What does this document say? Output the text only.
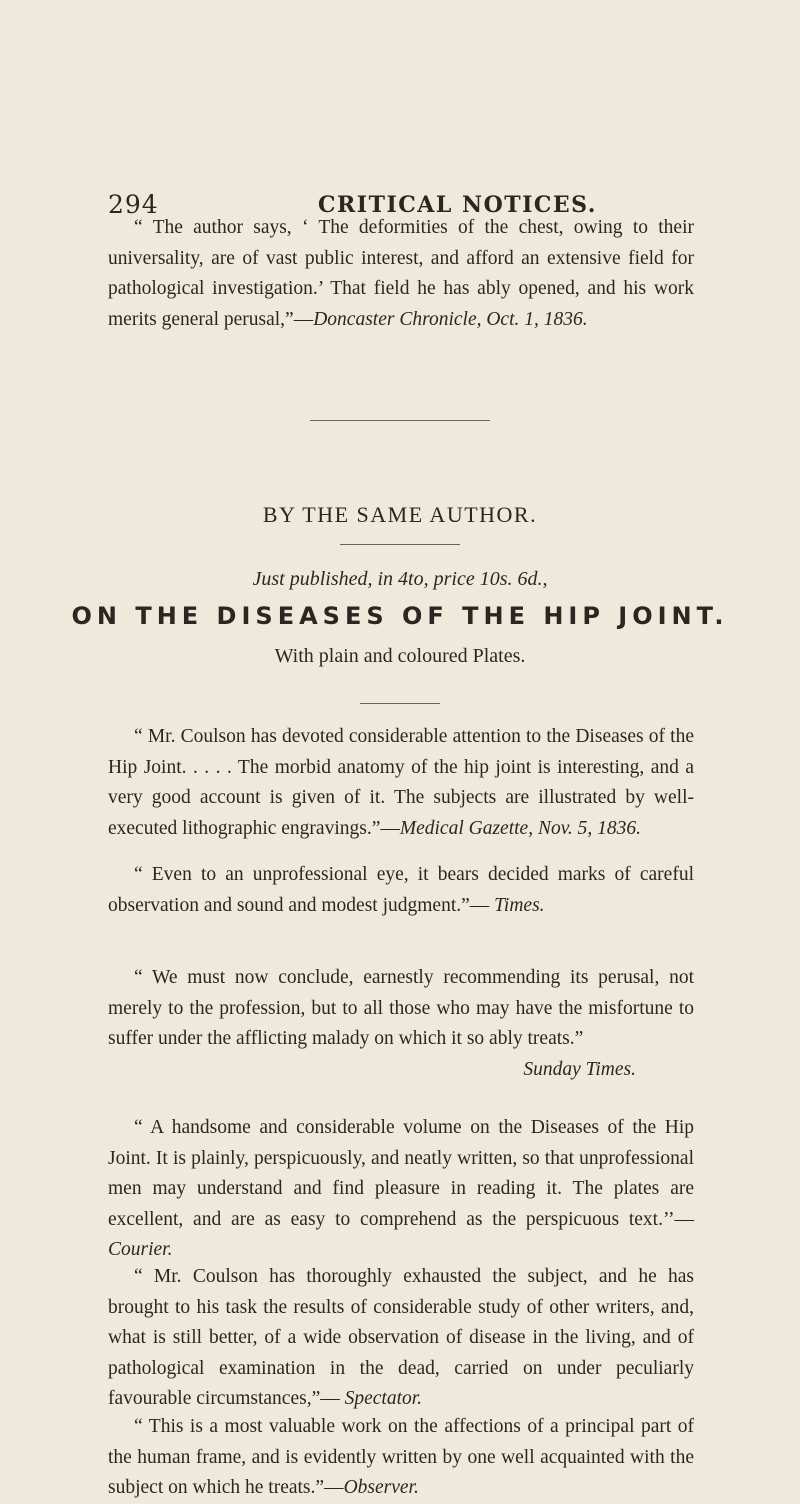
294	CRITICAL NOTICES.

“ The author says, ‘ The deformities of the chest, owing to their universality, are of vast public interest, and afford an extensive field for pathological investigation.’ That field he has ably opened, and his work merits general perusal,”—Doncaster Chronicle, Oct. 1, 1836.

BY THE SAME AUTHOR.
Just published, in 4to, price 10s. 6d.,
ON THE DISEASES OF THE HIP JOINT.
With plain and coloured Plates.

“ Mr. Coulson has devoted considerable attention to the Diseases of the Hip Joint. . . . . The morbid anatomy of the hip joint is interesting, and a very good account is given of it. The subjects are illustrated by well-executed lithographic engravings.”—Medical Gazette, Nov. 5, 1836.

“ Even to an unprofessional eye, it bears decided marks of careful observation and sound and modest judgment.”— Times.

“ We must now conclude, earnestly recommending its perusal, not merely to the profession, but to all those who may have the misfortune to suffer under the afflicting malady on which it so ably treats.”
Sunday Times.

“ A handsome and considerable volume on the Diseases of the Hip Joint. It is plainly, perspicuously, and neatly written, so that unprofessional men may understand and find pleasure in reading it. The plates are excellent, and are as easy to comprehend as the perspicuous text.’’—Courier.

“ Mr. Coulson has thoroughly exhausted the subject, and he has brought to his task the results of considerable study of other writers, and, what is still better, of a wide observation of disease in the living, and of pathological examination in the dead, carried on under peculiarly favourable circumstances,”— Spectator.

“ This is a most valuable work on the affections of a principal part of the human frame, and is evidently written by one well acquainted with the subject on which he treats.”—Observer.
